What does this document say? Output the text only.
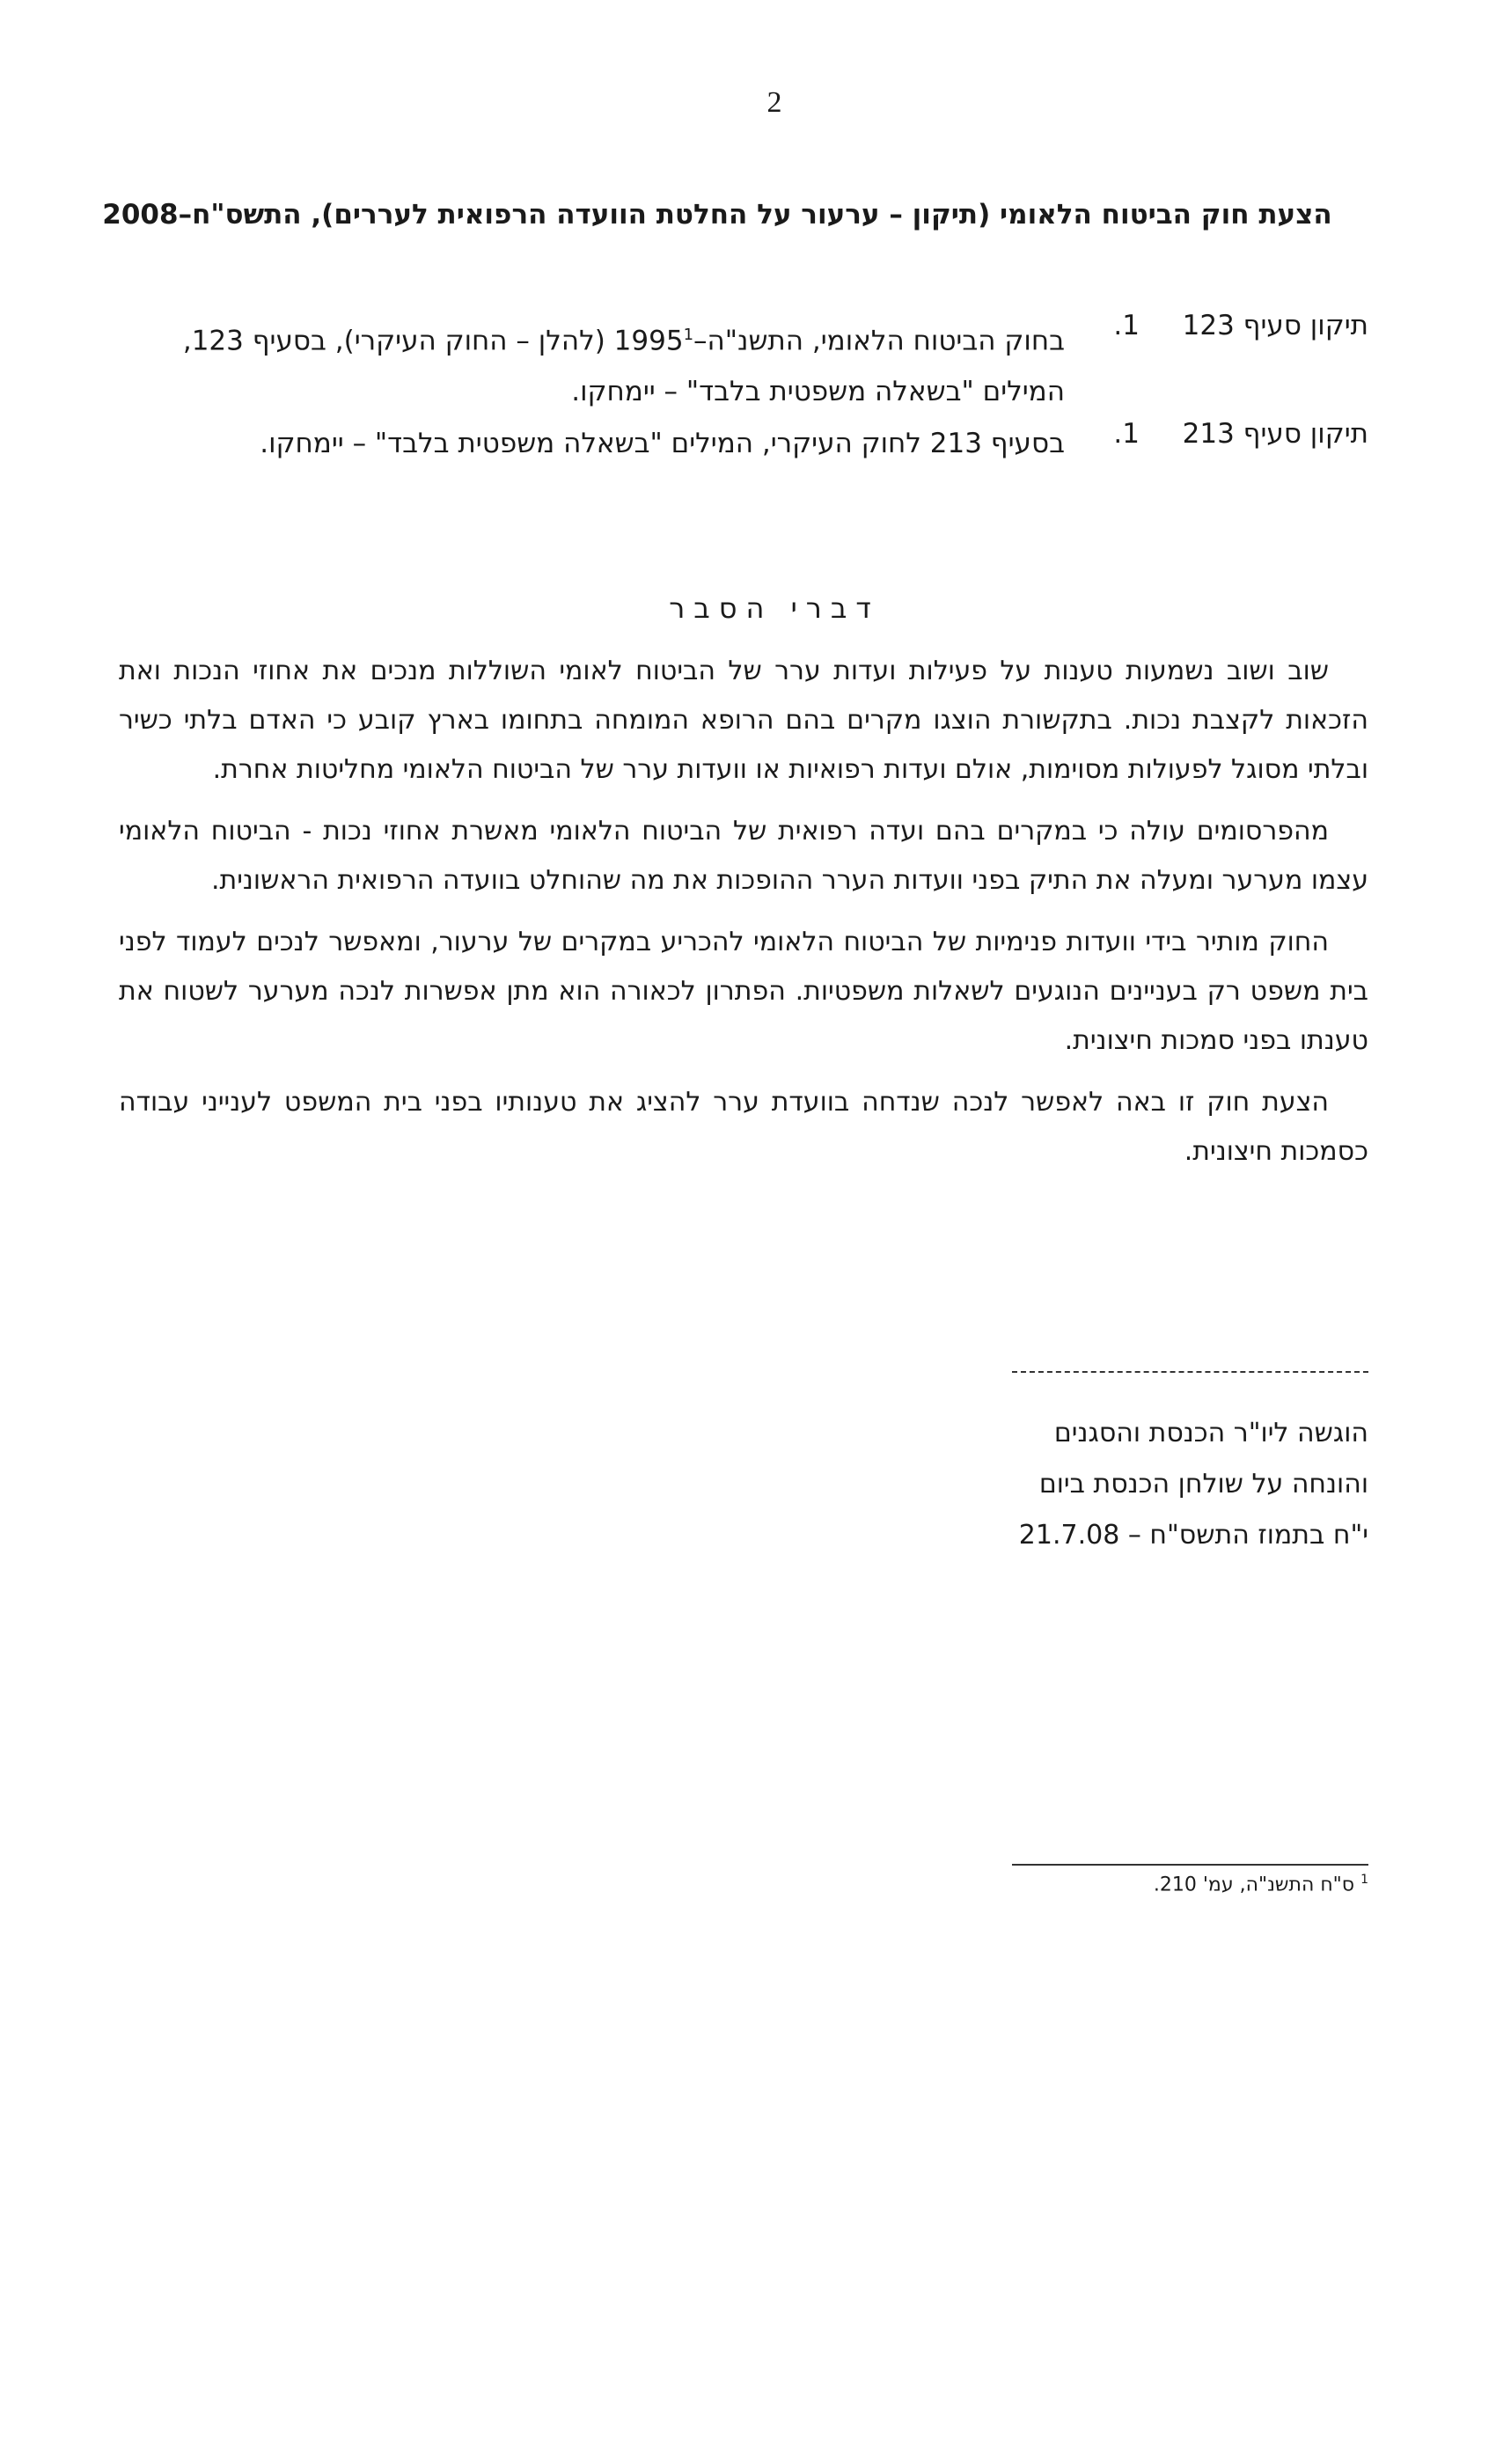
2
הצעת חוק הביטוח הלאומי (תיקון – ערעור על החלטת הוועדה הרפואית לעררים), התשס"ח–2008
תיקון סעיף 123
1.
בחוק הביטוח הלאומי, התשנ"ה–1995$^1$ (להלן – החוק העיקרי), בסעיף 123, המילים "בשאלה משפטית בלבד" – יימחקו.
תיקון סעיף 213
1.
בסעיף 213 לחוק העיקרי, המילים "בשאלה משפטית בלבד" – יימחקו.
דברי הסבר

שוב ושוב נשמעות טענות על פעילות ועדות ערר של הביטוח לאומי השוללות מנכים את אחוזי הנכות ואת הזכאות לקצבת נכות. בתקשורת הוצגו מקרים בהם הרופא המומחה בתחומו בארץ קובע כי האדם בלתי כשיר ובלתי מסוגל לפעולות מסוימות, אולם ועדות רפואיות או וועדות ערר של הביטוח הלאומי מחליטות אחרת.

מהפרסומים עולה כי במקרים בהם ועדה רפואית של הביטוח הלאומי מאשרת אחוזי נכות - הביטוח הלאומי עצמו מערער ומעלה את התיק בפני וועדות הערר ההופכות את מה שהוחלט בוועדה הרפואית הראשונית.

החוק מותיר בידי וועדות פנימיות של הביטוח הלאומי להכריע במקרים של ערעור, ומאפשר לנכים לעמוד לפני בית משפט רק בעניינים הנוגעים לשאלות משפטיות. הפתרון לכאורה הוא מתן אפשרות לנכה מערער לשטוח את טענתו בפני סמכות חיצונית.

הצעת חוק זו באה לאפשר לנכה שנדחה בוועדת ערר להציג את טענותיו בפני בית המשפט לענייני עבודה כסמכות חיצונית.

הוגשה ליו"ר הכנסת והסגנים
והונחה על שולחן הכנסת ביום
י"ח בתמוז התשס"ח – 21.7.08
$^1$ ס"ח התשנ"ה, עמ' 210.
